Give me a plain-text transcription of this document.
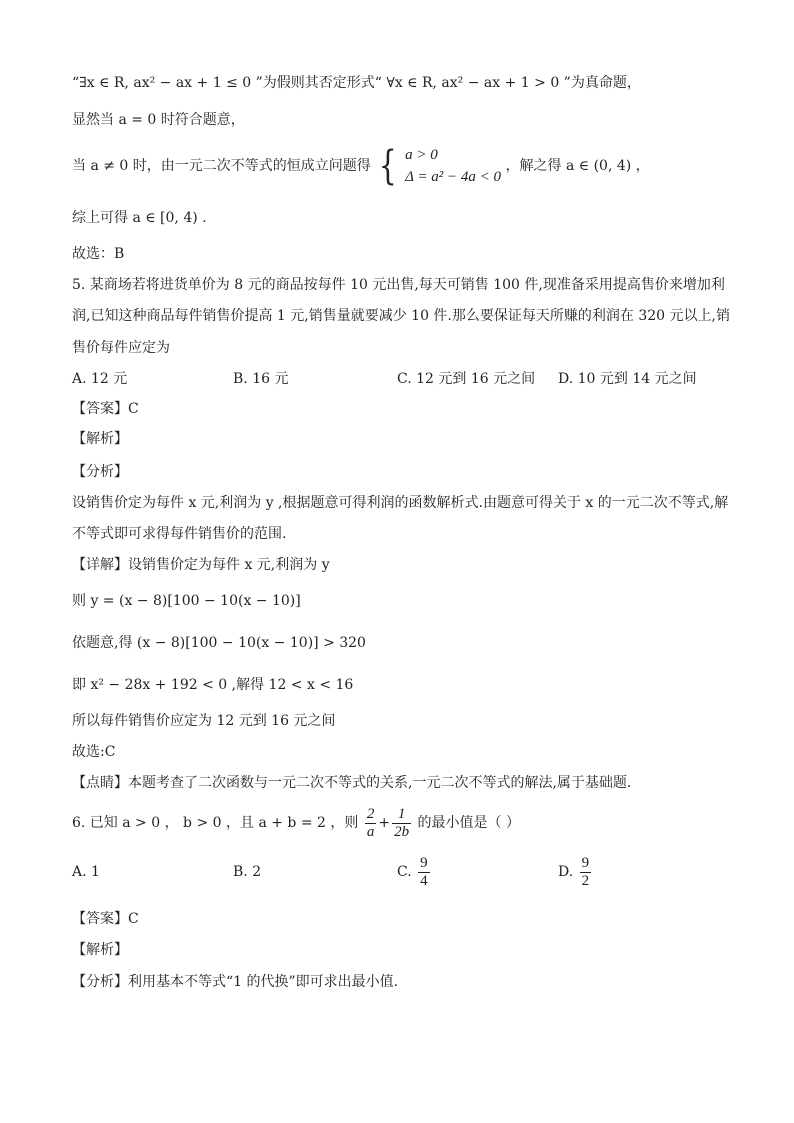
“∃x ∈ R, ax² − ax + 1 ≤ 0 ”为假则其否定形式“ ∀x ∈ R, ax² − ax + 1 > 0 ”为真命题，
显然当 a = 0 时符合题意，
当 a ≠ 0 时，由一元二次不等式的恒成立问题得 { a > 0
Δ = a² − 4a < 0
，解之得 a ∈ (0, 4) ，
综上可得 a ∈ [0, 4) .
故选：B
5. 某商场若将进货单价为 8 元的商品按每件 10 元出售,每天可销售 100 件,现准备采用提高售价来增加利
润,已知这种商品每件销售价提高 1 元,销售量就要减少 10 件.那么要保证每天所赚的利润在 320 元以上,销
售价每件应定为
A. 12 元	B. 16 元	C. 12 元到 16 元之间 D. 10 元到 14 元之间
【答案】C
【解析】
【分析】
设销售价定为每件 x 元,利润为 y ,根据题意可得利润的函数解析式.由题意可得关于 x 的一元二次不等式,解
不等式即可求得每件销售价的范围.
【详解】设销售价定为每件 x 元,利润为 y
则 y = (x − 8)[100 − 10(x − 10)]
依题意,得 (x − 8)[100 − 10(x − 10)] > 320
即 x² − 28x + 192 < 0 ,解得 12 < x < 16
所以每件销售价应定为 12 元到 16 元之间
故选:C
【点睛】本题考查了二次函数与一元二次不等式的关系,一元二次不等式的解法,属于基础题.
6. 已知 a > 0 ， b > 0 ，且 a + b = 2 ，则 $\frac{2}{a} + \frac{1}{2b}$ 的最小值是（ ）
A. 1	B. 2	C. $\frac{9}{4}$	D. $\frac{9}{2}$
【答案】C
【解析】
【分析】利用基本不等式“1 的代换”即可求出最小值.
